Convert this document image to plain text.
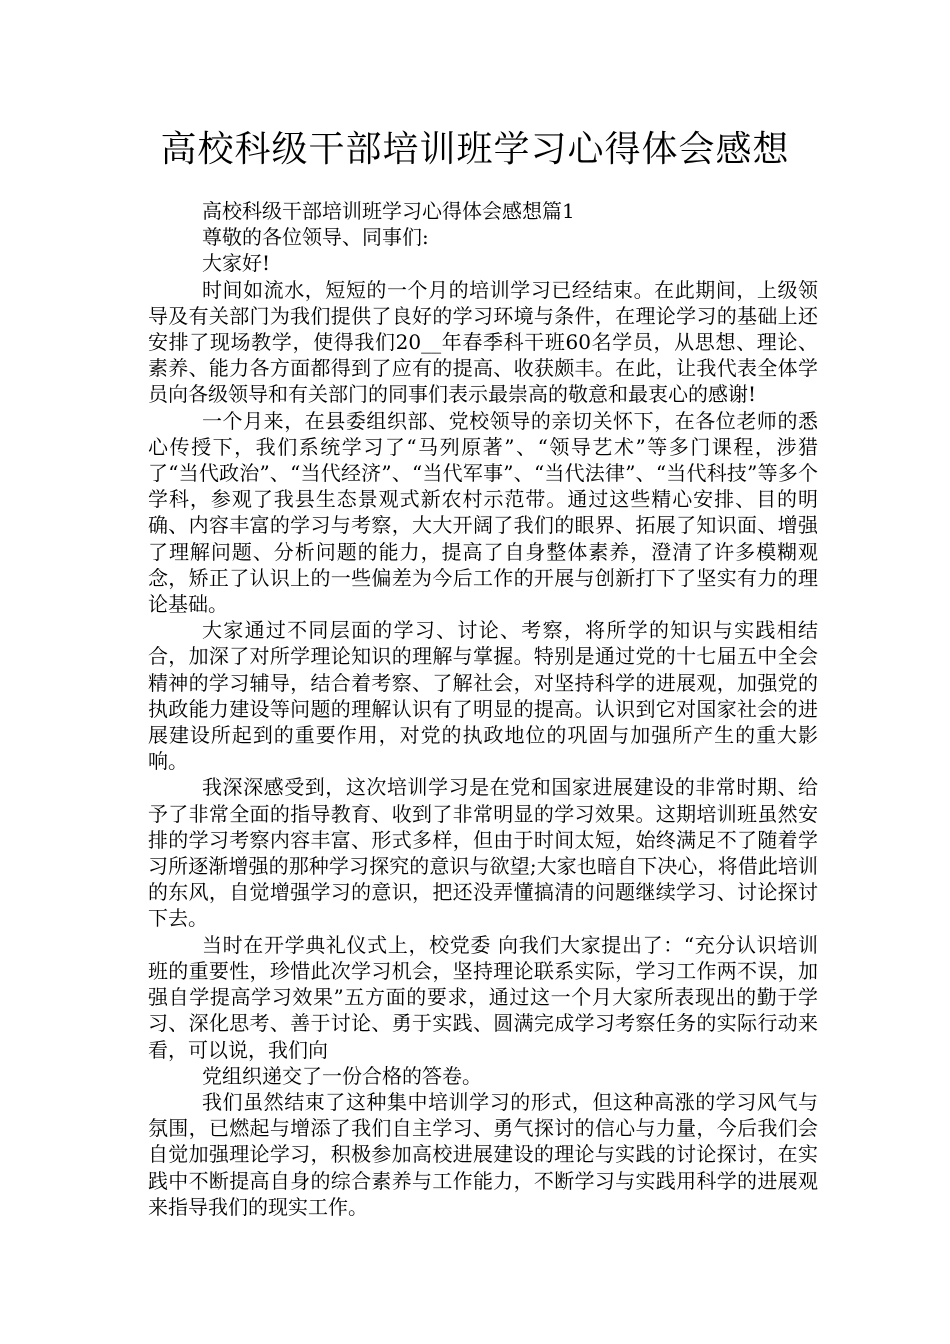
高校科级干部培训班学习心得体会感想

高校科级干部培训班学习心得体会感想篇1

尊敬的各位领导、同事们:

大家好!

时间如流水，短短的一个月的培训学习已经结束。在此期间，上级领导及有关部门为我们提供了良好的学习环境与条件，在理论学习的基础上还安排了现场教学，使得我们20__年春季科干班60名学员，从思想、理论、素养、能力各方面都得到了应有的提高、收获颇丰。在此，让我代表全体学员向各级领导和有关部门的同事们表示最崇高的敬意和最衷心的感谢!

一个月来，在县委组织部、党校领导的亲切关怀下，在各位老师的悉心传授下，我们系统学习了“马列原著”、“领导艺术”等多门课程，涉猎了“当代政治”、“当代经济”、“当代军事”、“当代法律”、“当代科技”等多个学科，参观了我县生态景观式新农村示范带。通过这些精心安排、目的明确、内容丰富的学习与考察，大大开阔了我们的眼界、拓展了知识面、增强了理解问题、分析问题的能力，提高了自身整体素养，澄清了许多模糊观念，矫正了认识上的一些偏差为今后工作的开展与创新打下了坚实有力的理论基础。

大家通过不同层面的学习、讨论、考察，将所学的知识与实践相结合，加深了对所学理论知识的理解与掌握。特别是通过党的十七届五中全会精神的学习辅导，结合着考察、了解社会，对坚持科学的进展观，加强党的执政能力建设等问题的理解认识有了明显的提高。认识到它对国家社会的进展建设所起到的重要作用，对党的执政地位的巩固与加强所产生的重大影响。

我深深感受到，这次培训学习是在党和国家进展建设的非常时期、给予了非常全面的指导教育、收到了非常明显的学习效果。这期培训班虽然安排的学习考察内容丰富、形式多样，但由于时间太短，始终满足不了随着学习所逐渐增强的那种学习探究的意识与欲望;大家也暗自下决心，将借此培训的东风，自觉增强学习的意识，把还没弄懂搞清的问题继续学习、讨论探讨下去。

当时在开学典礼仪式上，校党委 向我们大家提出了：“充分认识培训班的重要性，珍惜此次学习机会，坚持理论联系实际，学习工作两不误，加强自学提高学习效果”五方面的要求，通过这一个月大家所表现出的勤于学习、深化思考、善于讨论、勇于实践、圆满完成学习考察任务的实际行动来看，可以说，我们向

党组织递交了一份合格的答卷。

我们虽然结束了这种集中培训学习的形式，但这种高涨的学习风气与氛围，已燃起与增添了我们自主学习、勇气探讨的信心与力量，今后我们会自觉加强理论学习，积极参加高校进展建设的理论与实践的讨论探讨，在实践中不断提高自身的综合素养与工作能力，不断学习与实践用科学的进展观来指导我们的现实工作。
